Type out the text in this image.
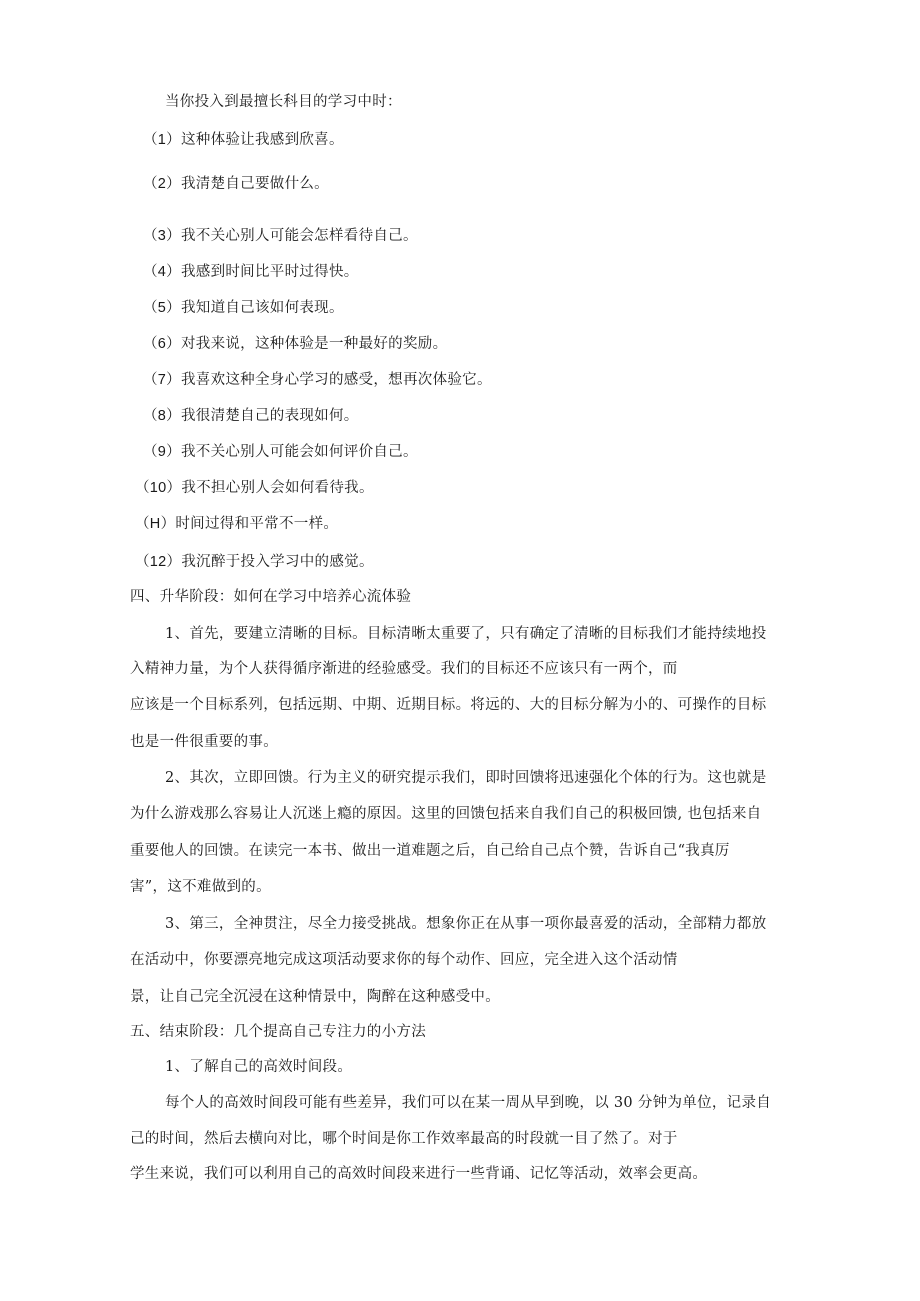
当你投入到最擅长科目的学习中时：
（1）这种体验让我感到欣喜。
（2）我清楚自己要做什么。
（3）我不关心别人可能会怎样看待自己。
（4）我感到时间比平时过得快。
（5）我知道自己该如何表现。
（6）对我来说，这种体验是一种最好的奖励。
（7）我喜欢这种全身心学习的感受，想再次体验它。
（8）我很清楚自己的表现如何。
（9）我不关心别人可能会如何评价自己。
（10）我不担心别人会如何看待我。
（H）时间过得和平常不一样。
（12）我沉醉于投入学习中的感觉。
四、升华阶段：如何在学习中培养心流体验
1、首先，要建立清晰的目标。目标清晰太重要了，只有确定了清晰的目标我们才能持续地投
入精神力量，为个人获得循序渐进的经验感受。我们的目标还不应该只有一两个，而
应该是一个目标系列，包括远期、中期、近期目标。将远的、大的目标分解为小的、可操作的目标
也是一件很重要的事。
2、其次，立即回馈。行为主义的研究提示我们，即时回馈将迅速强化个体的行为。这也就是
为什么游戏那么容易让人沉迷上瘾的原因。这里的回馈包括来自我们自己的积极回馈, 也包括来自
重要他人的回馈。在读完一本书、做出一道难题之后，自己给自己点个赞，告诉自己“我真厉
害”，这不难做到的。
3、第三，全神贯注，尽全力接受挑战。想象你正在从事一项你最喜爱的活动，全部精力都放
在活动中，你要漂亮地完成这项活动要求你的每个动作、回应，完全进入这个活动情
景，让自己完全沉浸在这种情景中，陶醉在这种感受中。
五、结束阶段：几个提高自己专注力的小方法
1、了解自己的高效时间段。
每个人的高效时间段可能有些差异，我们可以在某一周从早到晚，以 30 分钟为单位，记录自
己的时间，然后去横向对比，哪个时间是你工作效率最高的时段就一目了然了。对于
学生来说，我们可以利用自己的高效时间段来进行一些背诵、记忆等活动，效率会更高。
